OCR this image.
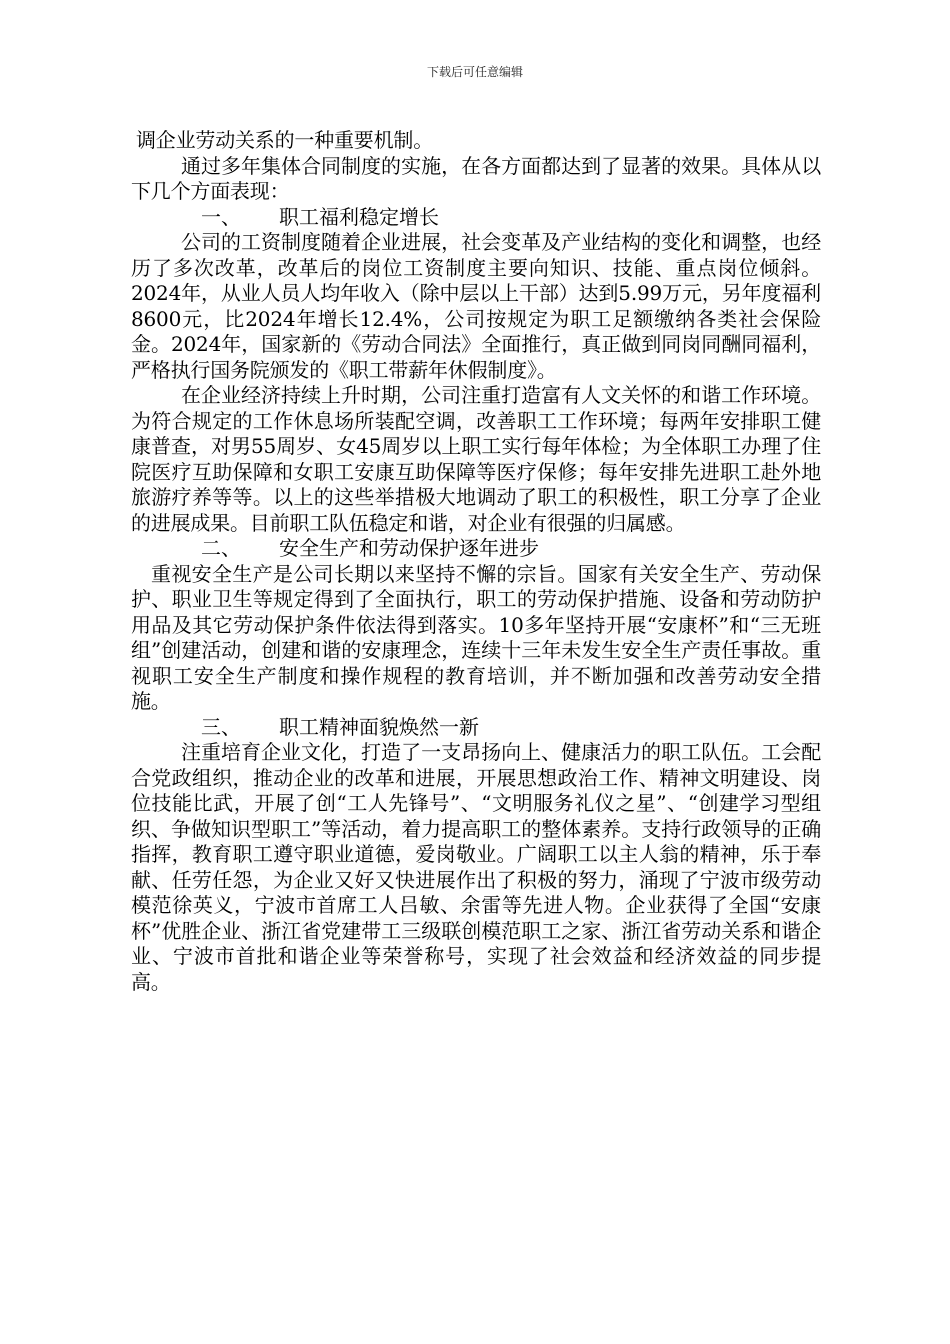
下载后可任意编辑

调企业劳动关系的一种重要机制。

通过多年集体合同制度的实施，在各方面都达到了显著的效果。具体从以下几个方面表现：

一、 职工福利稳定增长

公司的工资制度随着企业进展，社会变革及产业结构的变化和调整，也经历了多次改革，改革后的岗位工资制度主要向知识、技能、重点岗位倾斜。2024年，从业人员人均年收入（除中层以上干部）达到5.99万元，另年度福利8600元，比2024年增长12.4%，公司按规定为职工足额缴纳各类社会保险金。2024年，国家新的《劳动合同法》全面推行，真正做到同岗同酬同福利，严格执行国务院颁发的《职工带薪年休假制度》。

在企业经济持续上升时期，公司注重打造富有人文关怀的和谐工作环境。为符合规定的工作休息场所装配空调，改善职工工作环境；每两年安排职工健康普查，对男55周岁、女45周岁以上职工实行每年体检；为全体职工办理了住院医疗互助保障和女职工安康互助保障等医疗保修；每年安排先进职工赴外地旅游疗养等等。以上的这些举措极大地调动了职工的积极性，职工分享了企业的进展成果。目前职工队伍稳定和谐，对企业有很强的归属感。

二、 安全生产和劳动保护逐年进步

重视安全生产是公司长期以来坚持不懈的宗旨。国家有关安全生产、劳动保护、职业卫生等规定得到了全面执行，职工的劳动保护措施、设备和劳动防护用品及其它劳动保护条件依法得到落实。10多年坚持开展“安康杯”和“三无班组”创建活动，创建和谐的安康理念，连续十三年未发生安全生产责任事故。重视职工安全生产制度和操作规程的教育培训，并不断加强和改善劳动安全措施。

三、 职工精神面貌焕然一新

注重培育企业文化，打造了一支昂扬向上、健康活力的职工队伍。工会配合党政组织，推动企业的改革和进展，开展思想政治工作、精神文明建设、岗位技能比武，开展了创“工人先锋号”、“文明服务礼仪之星”、“创建学习型组织、争做知识型职工”等活动，着力提高职工的整体素养。支持行政领导的正确指挥，教育职工遵守职业道德，爱岗敬业。广阔职工以主人翁的精神，乐于奉献、任劳任怨，为企业又好又快进展作出了积极的努力，涌现了宁波市级劳动模范徐英义，宁波市首席工人吕敏、余雷等先进人物。企业获得了全国“安康杯”优胜企业、浙江省党建带工三级联创模范职工之家、浙江省劳动关系和谐企业、宁波市首批和谐企业等荣誉称号，实现了社会效益和经济效益的同步提高。
